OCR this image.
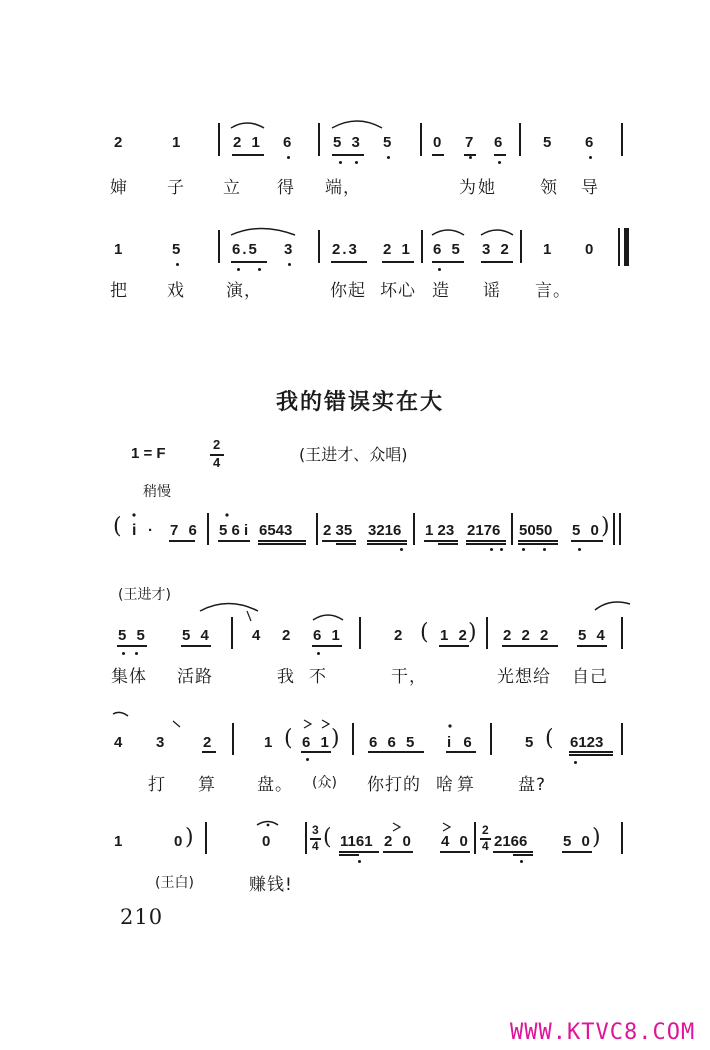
2	1	2 1 6	5 3 5	0 7 6	5 6
婶 子 立 得 端，	为她	领 导
1	5	6.5 3	2.3 2 1 6 5 3 2 1 0
把 戏 演，	你起 坏心 造 谣 言。
我的错误实在大
1 = F
2
4	(王进才、众唱)
稍慢
( i · 7 6 5 6 i 6543 2 35 3216 1 23 2176 5050 5 0 )
(王进才)
5 5 5 4	4 2 6 1	2 ( 1 2
) 2 2 2 5 4
集体 活路	我 不	干，	光想给 自己
4 3	2	1 ( 6 1 ) 6 6 5 i 6	5 ( 6123
打 算 盘。 (众) 你打的 啥算 盘?
1	0 )	0
3
4 ( 1161 2 0 4 0
2
4 2166 5 0 )
(王白)	赚钱!
210
WWW.KTVC8.COM
